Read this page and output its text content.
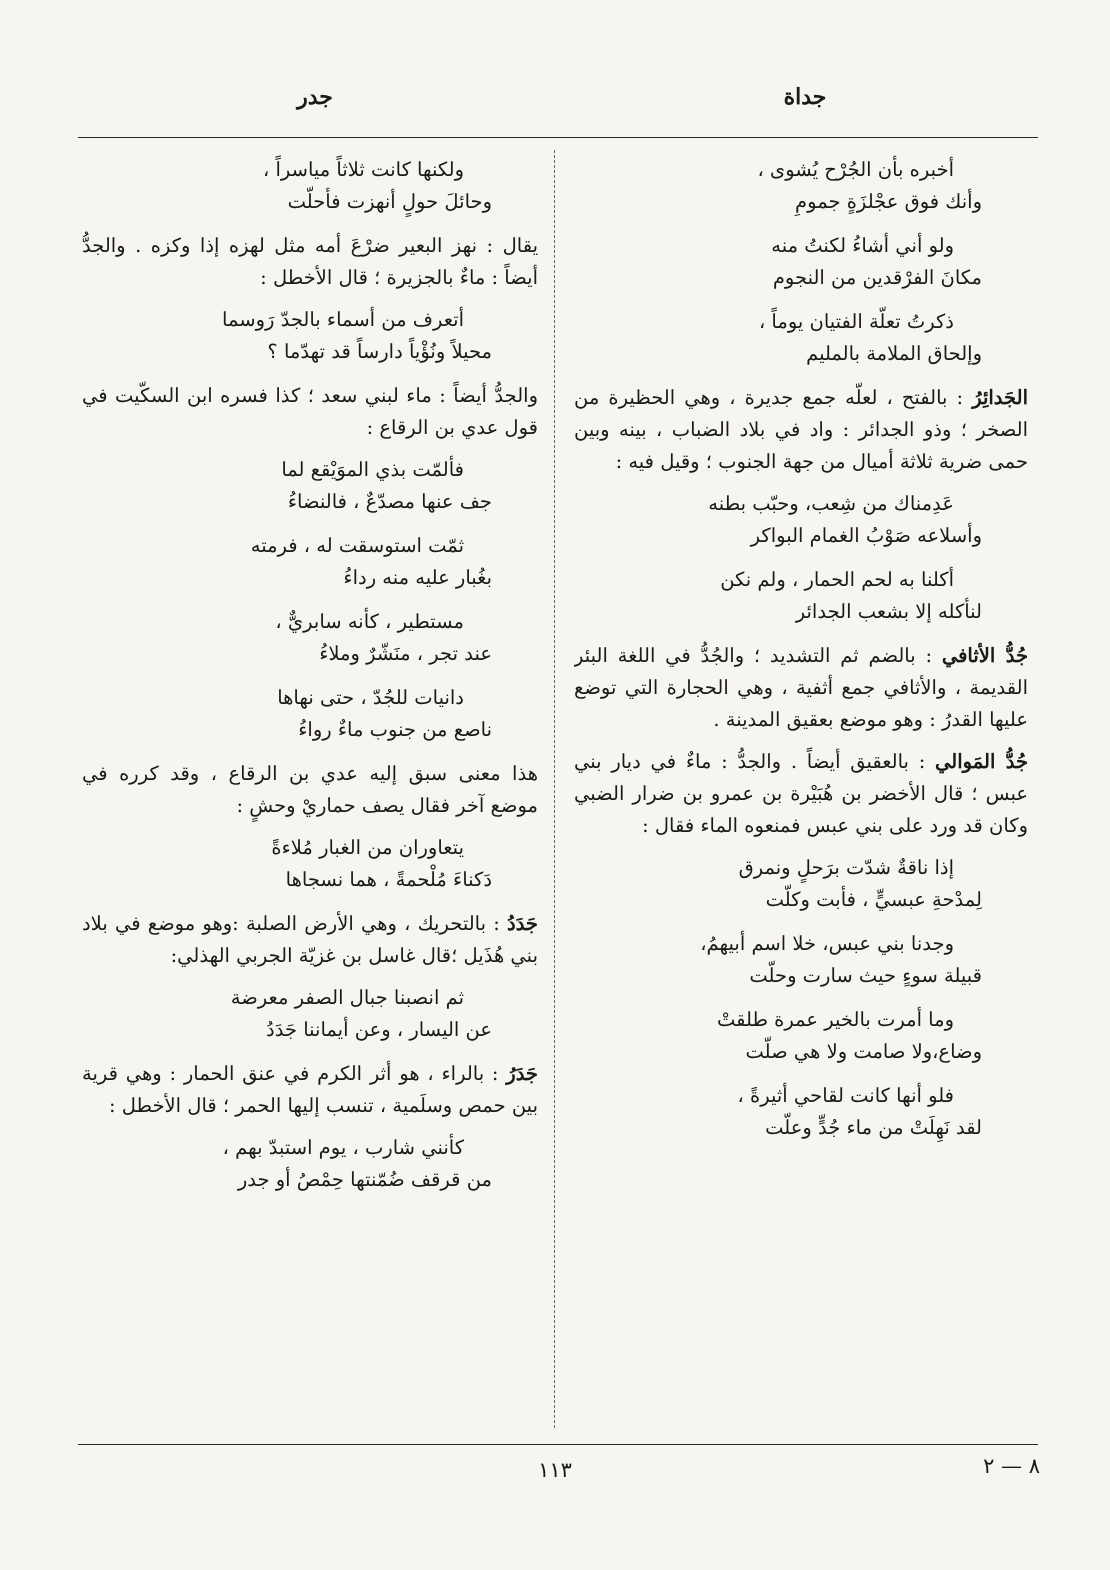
جداة
جدر
أخبره بأن الجُرْح يُشوى ،
وأنك فوق عجْلزَةٍ جمومِ
ولو أني أشاءُ لكنتُ منه
مكانَ الفرْقدين من النجوم
ذكرتُ تعلّة الفتيان يوماً ،
وإلحاق الملامة بالمليم
الجَدائِرُ : بالفتح ، لعلّه جمع جديرة ، وهي الحظيرة من الصخر ؛ وذو الجدائر : واد في بلاد الضباب ، بينه وبين حمى ضرية ثلاثة أميال من جهة الجنوب ؛ وقيل فيه :
عَدِمناك من شِعب، وحبّب بطنه
وأسلاعه صَوْبُ الغمام البواكر
أكلنا به لحم الحمار ، ولم نكن
لنأكله إلا بشعب الجدائر
جُدُّ الأثافي : بالضم ثم التشديد ؛ والجُدُّ في اللغة البئر القديمة ، والأثافي جمع أثفية ، وهي الحجارة التي توضع عليها القدرُ : وهو موضع بعقيق المدينة .
جُدُّ المَوالي : بالعقيق أيضاً . والجدُّ : ماءٌ في ديار بني عبس ؛ قال الأخضر بن هُبَيْرة بن عمرو بن ضرار الضبي وكان قد ورد على بني عبس فمنعوه الماء فقال :
إذا ناقةٌ شدّت برَحلٍ ونمرق
لِمدْحةِ عبسيٍّ ، فأبت وكلّت
وجدنا بني عبس، خلا اسم أبيهمُ،
قبيلة سوءٍ حيث سارت وحلّت
وما أمرت بالخير عمرة طلقتْ
وضاع،ولا صامت ولا هي صلّت
فلو أنها كانت لقاحي أثيرةً ،
لقد نَهِلَتْ من ماء جُدٍّ وعلّت
ولكنها كانت ثلاثاً مياسراً ،
وحائلَ حولٍ أنهزت فأحلّت
يقال : نهز البعير ضرْعَ أمه مثل لهزه إذا وكزه . والجدُّ أيضاً : ماءٌ بالجزيرة ؛ قال الأخطل :
أتعرف من أسماء بالجدّ رَوسما
محيلاً ونُؤْياً دارساً قد تهدّما ؟
والجدُّ أيضاً : ماء لبني سعد ؛ كذا فسره ابن السكّيت في قول عدي بن الرقاع :
فألمّت بذي الموَيْقع لما
جف عنها مصدّعٌ ، فالنضاءُ
ثمّت استوسقت له ، فرمته
بغُبار عليه منه رداءُ
مستطير ، كأنه سابريٌّ ،
عند تجر ، منَشّرٌ وملاءُ
دانيات للجُدّ ، حتى نهاها
ناصع من جنوب ماءٌ رواءُ
هذا معنى سبق إليه عدي بن الرقاع ، وقد كرره في موضع آخر فقال يصف حماريْ وحشٍ :
يتعاوران من الغبار مُلاءةً
دَكناءَ مُلْحمةً ، هما نسجاها
جَدَدُ : بالتحريك ، وهي الأرض الصلبة :وهو موضع في بلاد بني هُذَيل ؛قال غاسل بن غزيّة الجربي الهذلي:
ثم انصبنا جبال الصفر معرضة
عن اليسار ، وعن أيماننا جَدَدُ
جَدَرُ : بالراء ، هو أثر الكرم في عنق الحمار : وهي قرية بين حمص وسلَمية ، تنسب إليها الحمر ؛ قال الأخطل :
كأنني شارب ، يوم استبدّ بهم ،
من قرقف ضُمّنتها حِمْصُ أو جدر
١١٣	٨ — ٢
